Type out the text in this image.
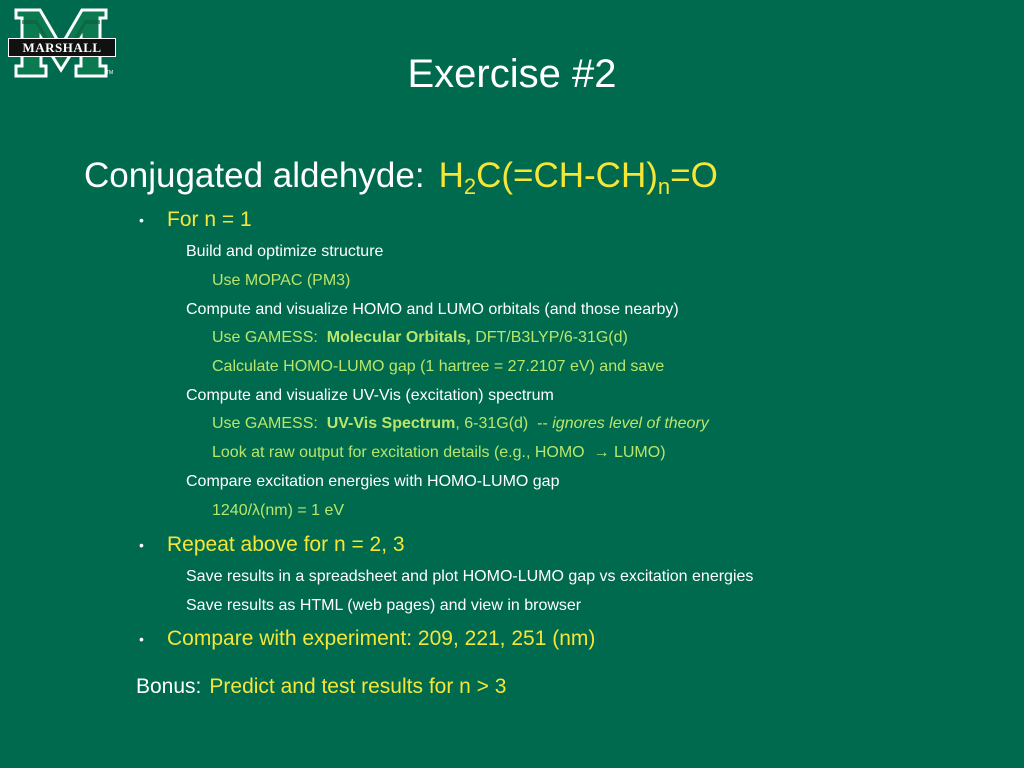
MARSHALL
TM	Exercise #2
Conjugated aldehyde: $H_2C(=CH-CH)_n=O$
• For n = 1
Build and optimize structure
Use MOPAC (PM3)
Compute and visualize HOMO and LUMO orbitals (and those nearby)
Use GAMESS:  Molecular Orbitals, DFT/B3LYP/6-31G(d)
Calculate HOMO-LUMO gap (1 hartree = 27.2107 eV) and save
Compute and visualize UV-Vis (excitation) spectrum
Use GAMESS:  UV-Vis Spectrum, 6-31G(d)  -- ignores level of theory
Look at raw output for excitation details (e.g., HOMO  → LUMO)
Compare excitation energies with HOMO-LUMO gap
1240/λ(nm) = 1 eV
• Repeat above for n = 2, 3
Save results in a spreadsheet and plot HOMO-LUMO gap vs excitation energies
Save results as HTML (web pages) and view in browser
• Compare with experiment: 209, 221, 251 (nm)
Bonus: Predict and test results for n > 3
